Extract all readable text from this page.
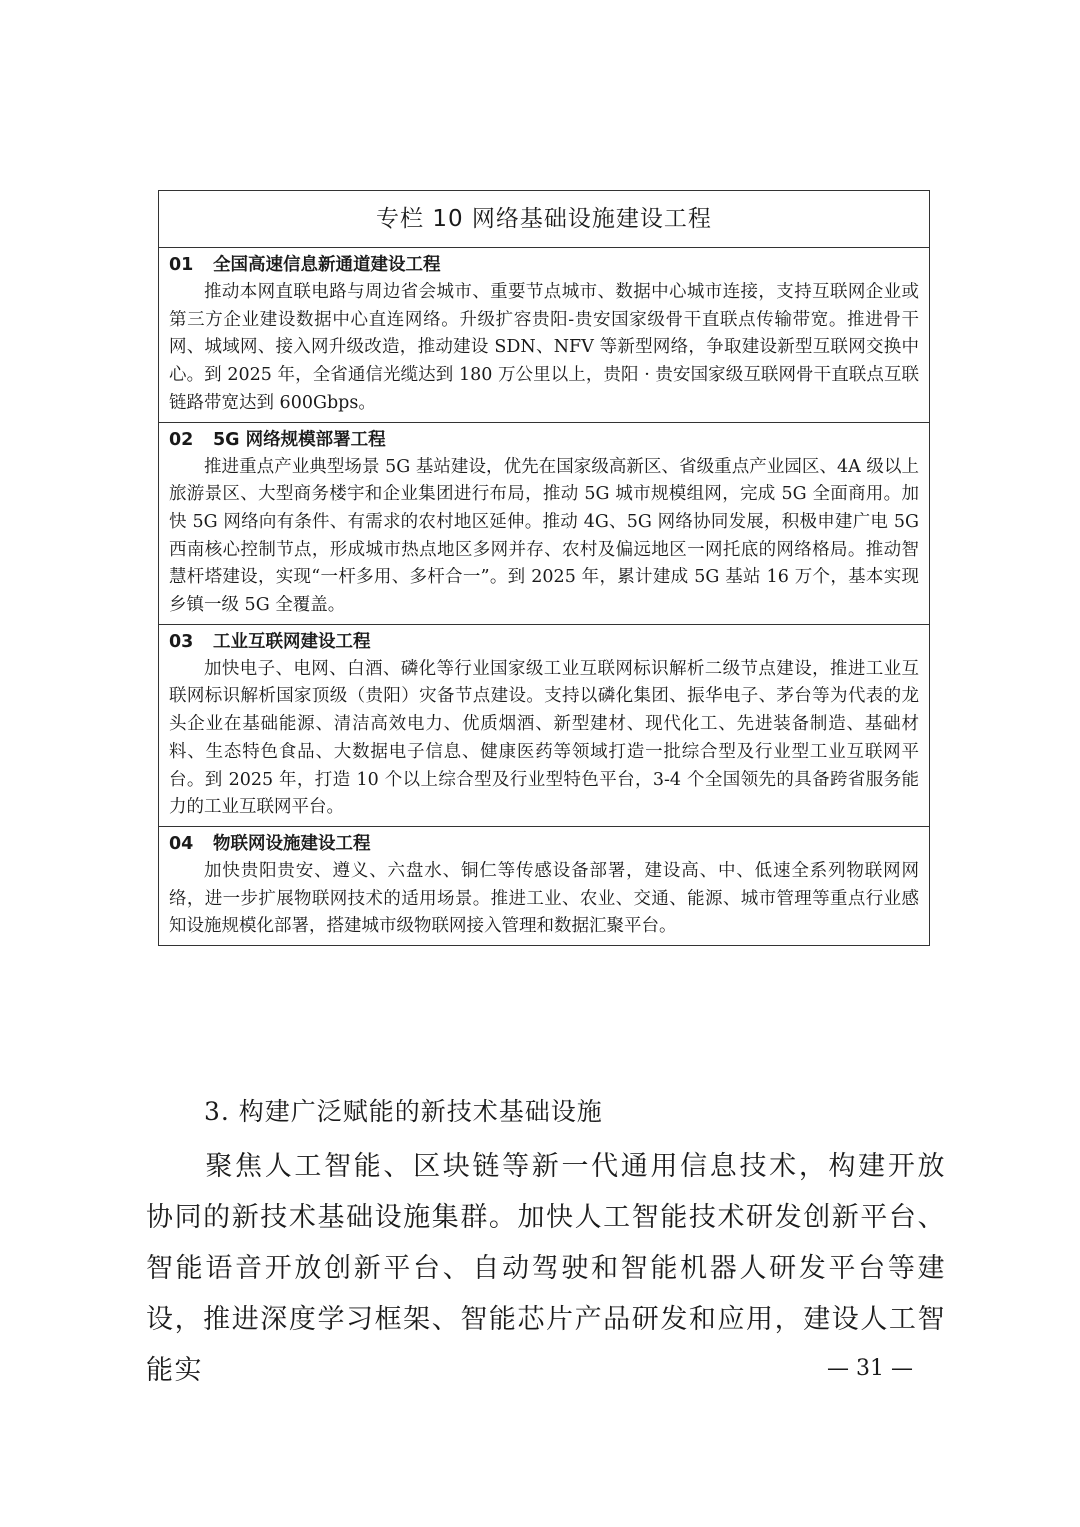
专栏 10 网络基础设施建设工程
01 全国高速信息新通道建设工程

推动本网直联电路与周边省会城市、重要节点城市、数据中心城市连接，支持互联网企业或第三方企业建设数据中心直连网络。升级扩容贵阳-贵安国家级骨干直联点传输带宽。推进骨干网、城域网、接入网升级改造，推动建设 SDN、NFV 等新型网络，争取建设新型互联网交换中心。到 2025 年，全省通信光缆达到 180 万公里以上，贵阳 · 贵安国家级互联网骨干直联点互联链路带宽达到 600Gbps。

02 5G 网络规模部署工程

推进重点产业典型场景 5G 基站建设，优先在国家级高新区、省级重点产业园区、4A 级以上旅游景区、大型商务楼宇和企业集团进行布局，推动 5G 城市规模组网，完成 5G 全面商用。加快 5G 网络向有条件、有需求的农村地区延伸。推动 4G、5G 网络协同发展，积极申建广电 5G 西南核心控制节点，形成城市热点地区多网并存、农村及偏远地区一网托底的网络格局。推动智慧杆塔建设，实现“一杆多用、多杆合一”。到 2025 年，累计建成 5G 基站 16 万个，基本实现乡镇一级 5G 全覆盖。

03 工业互联网建设工程

加快电子、电网、白酒、磷化等行业国家级工业互联网标识解析二级节点建设，推进工业互联网标识解析国家顶级（贵阳）灾备节点建设。支持以磷化集团、振华电子、茅台等为代表的龙头企业在基础能源、清洁高效电力、优质烟酒、新型建材、现代化工、先进装备制造、基础材料、生态特色食品、大数据电子信息、健康医药等领域打造一批综合型及行业型工业互联网平台。到 2025 年，打造 10 个以上综合型及行业型特色平台，3-4 个全国领先的具备跨省服务能力的工业互联网平台。

04 物联网设施建设工程

加快贵阳贵安、遵义、六盘水、铜仁等传感设备部署，建设高、中、低速全系列物联网网络，进一步扩展物联网技术的适用场景。推进工业、农业、交通、能源、城市管理等重点行业感知设施规模化部署，搭建城市级物联网接入管理和数据汇聚平台。

3. 构建广泛赋能的新技术基础设施

聚焦人工智能、区块链等新一代通用信息技术，构建开放协同的新技术基础设施集群。加快人工智能技术研发创新平台、智能语音开放创新平台、自动驾驶和智能机器人研发平台等建设，推进深度学习框架、智能芯片产品研发和应用，建设人工智能实	— 31 —
